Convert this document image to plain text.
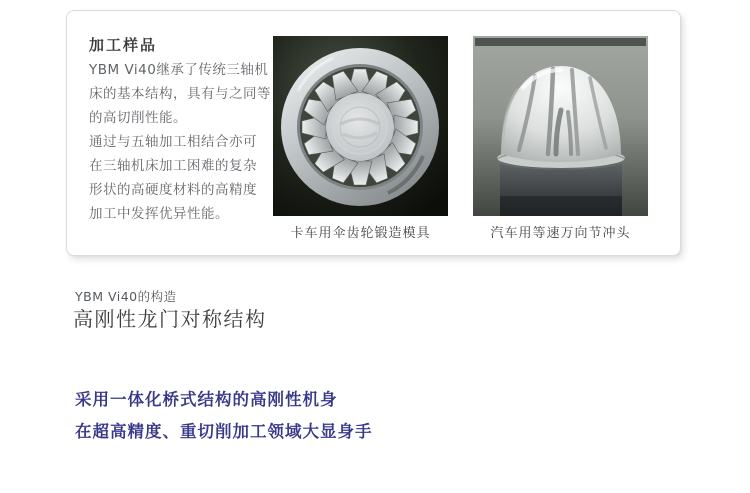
加工样品
YBM Vi40继承了传统三轴机
床的基本结构，具有与之同等
的高切削性能。
通过与五轴加工相结合亦可
在三轴机床加工困难的复杂
形状的高硬度材料的高精度
加工中发挥优异性能。
卡车用伞齿轮锻造模具	汽车用等速万向节冲头
YBM Vi40的构造
高刚性龙门对称结构
采用一体化桥式结构的高刚性机身
在超高精度、重切削加工领域大显身手
